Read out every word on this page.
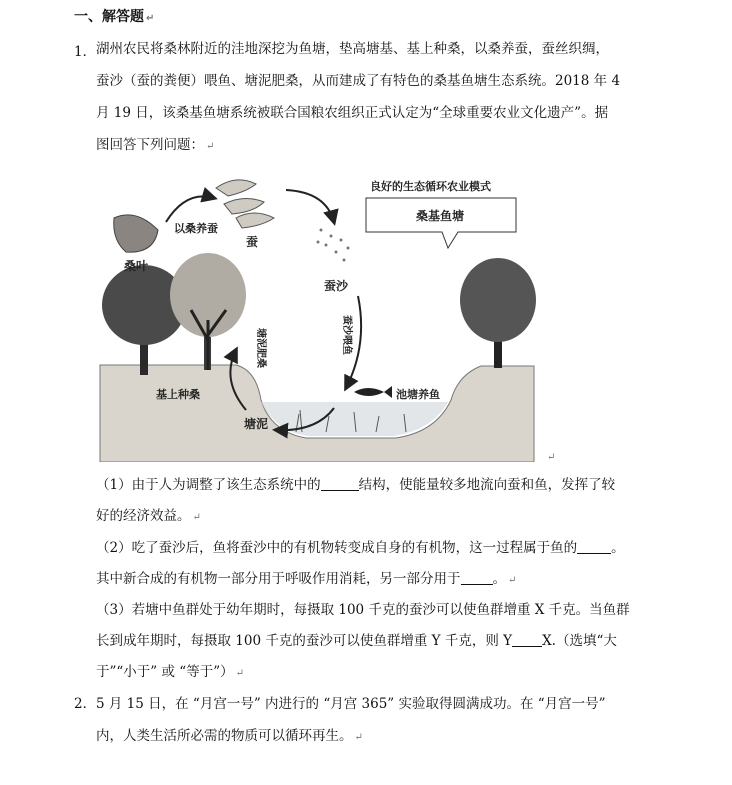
一、解答题 ↵
1． 湖州农民将桑林附近的洼地深挖为鱼塘，垫高塘基、基上种桑，以桑养蚕，蚕丝织绸，
蚕沙（蚕的粪便）喂鱼、塘泥肥桑，从而建成了有特色的桑基鱼塘生态系统。2018 年 4
月 19 日，该桑基鱼塘系统被联合国粮农组织正式认定为“全球重要农业文化遗产”。据
图回答下列问题： ↵
良好的生态循环农业模式
桑基鱼塘
桑叶
以桑养蚕
蚕
蚕沙
蚕沙喂鱼
塘泥肥桑
池塘养鱼
塘泥
基上种桑
↵
（1）由于人为调整了该生态系统中的	结构，使能量较多地流向蚕和鱼，发挥了较
好的经济效益。 ↵
（2）吃了蚕沙后，鱼将蚕沙中的有机物转变成自身的有机物，这一过程属于鱼的	。
其中新合成的有机物一部分用于呼吸作用消耗，另一部分用于 。 ↵
（3）若塘中鱼群处于幼年期时，每摄取 100 千克的蚕沙可以使鱼群增重 X 千克。当鱼群
长到成年期时，每摄取 100 千克的蚕沙可以使鱼群增重 Y 千克，则 Y X.（选填“大
于”“小于” 或 “等于”） ↵
2． 5 月 15 日，在 “月宫一号” 内进行的 “月宫 365” 实验取得圆满成功。在 “月宫一号”
内，人类生活所必需的物质可以循环再生。 ↵
